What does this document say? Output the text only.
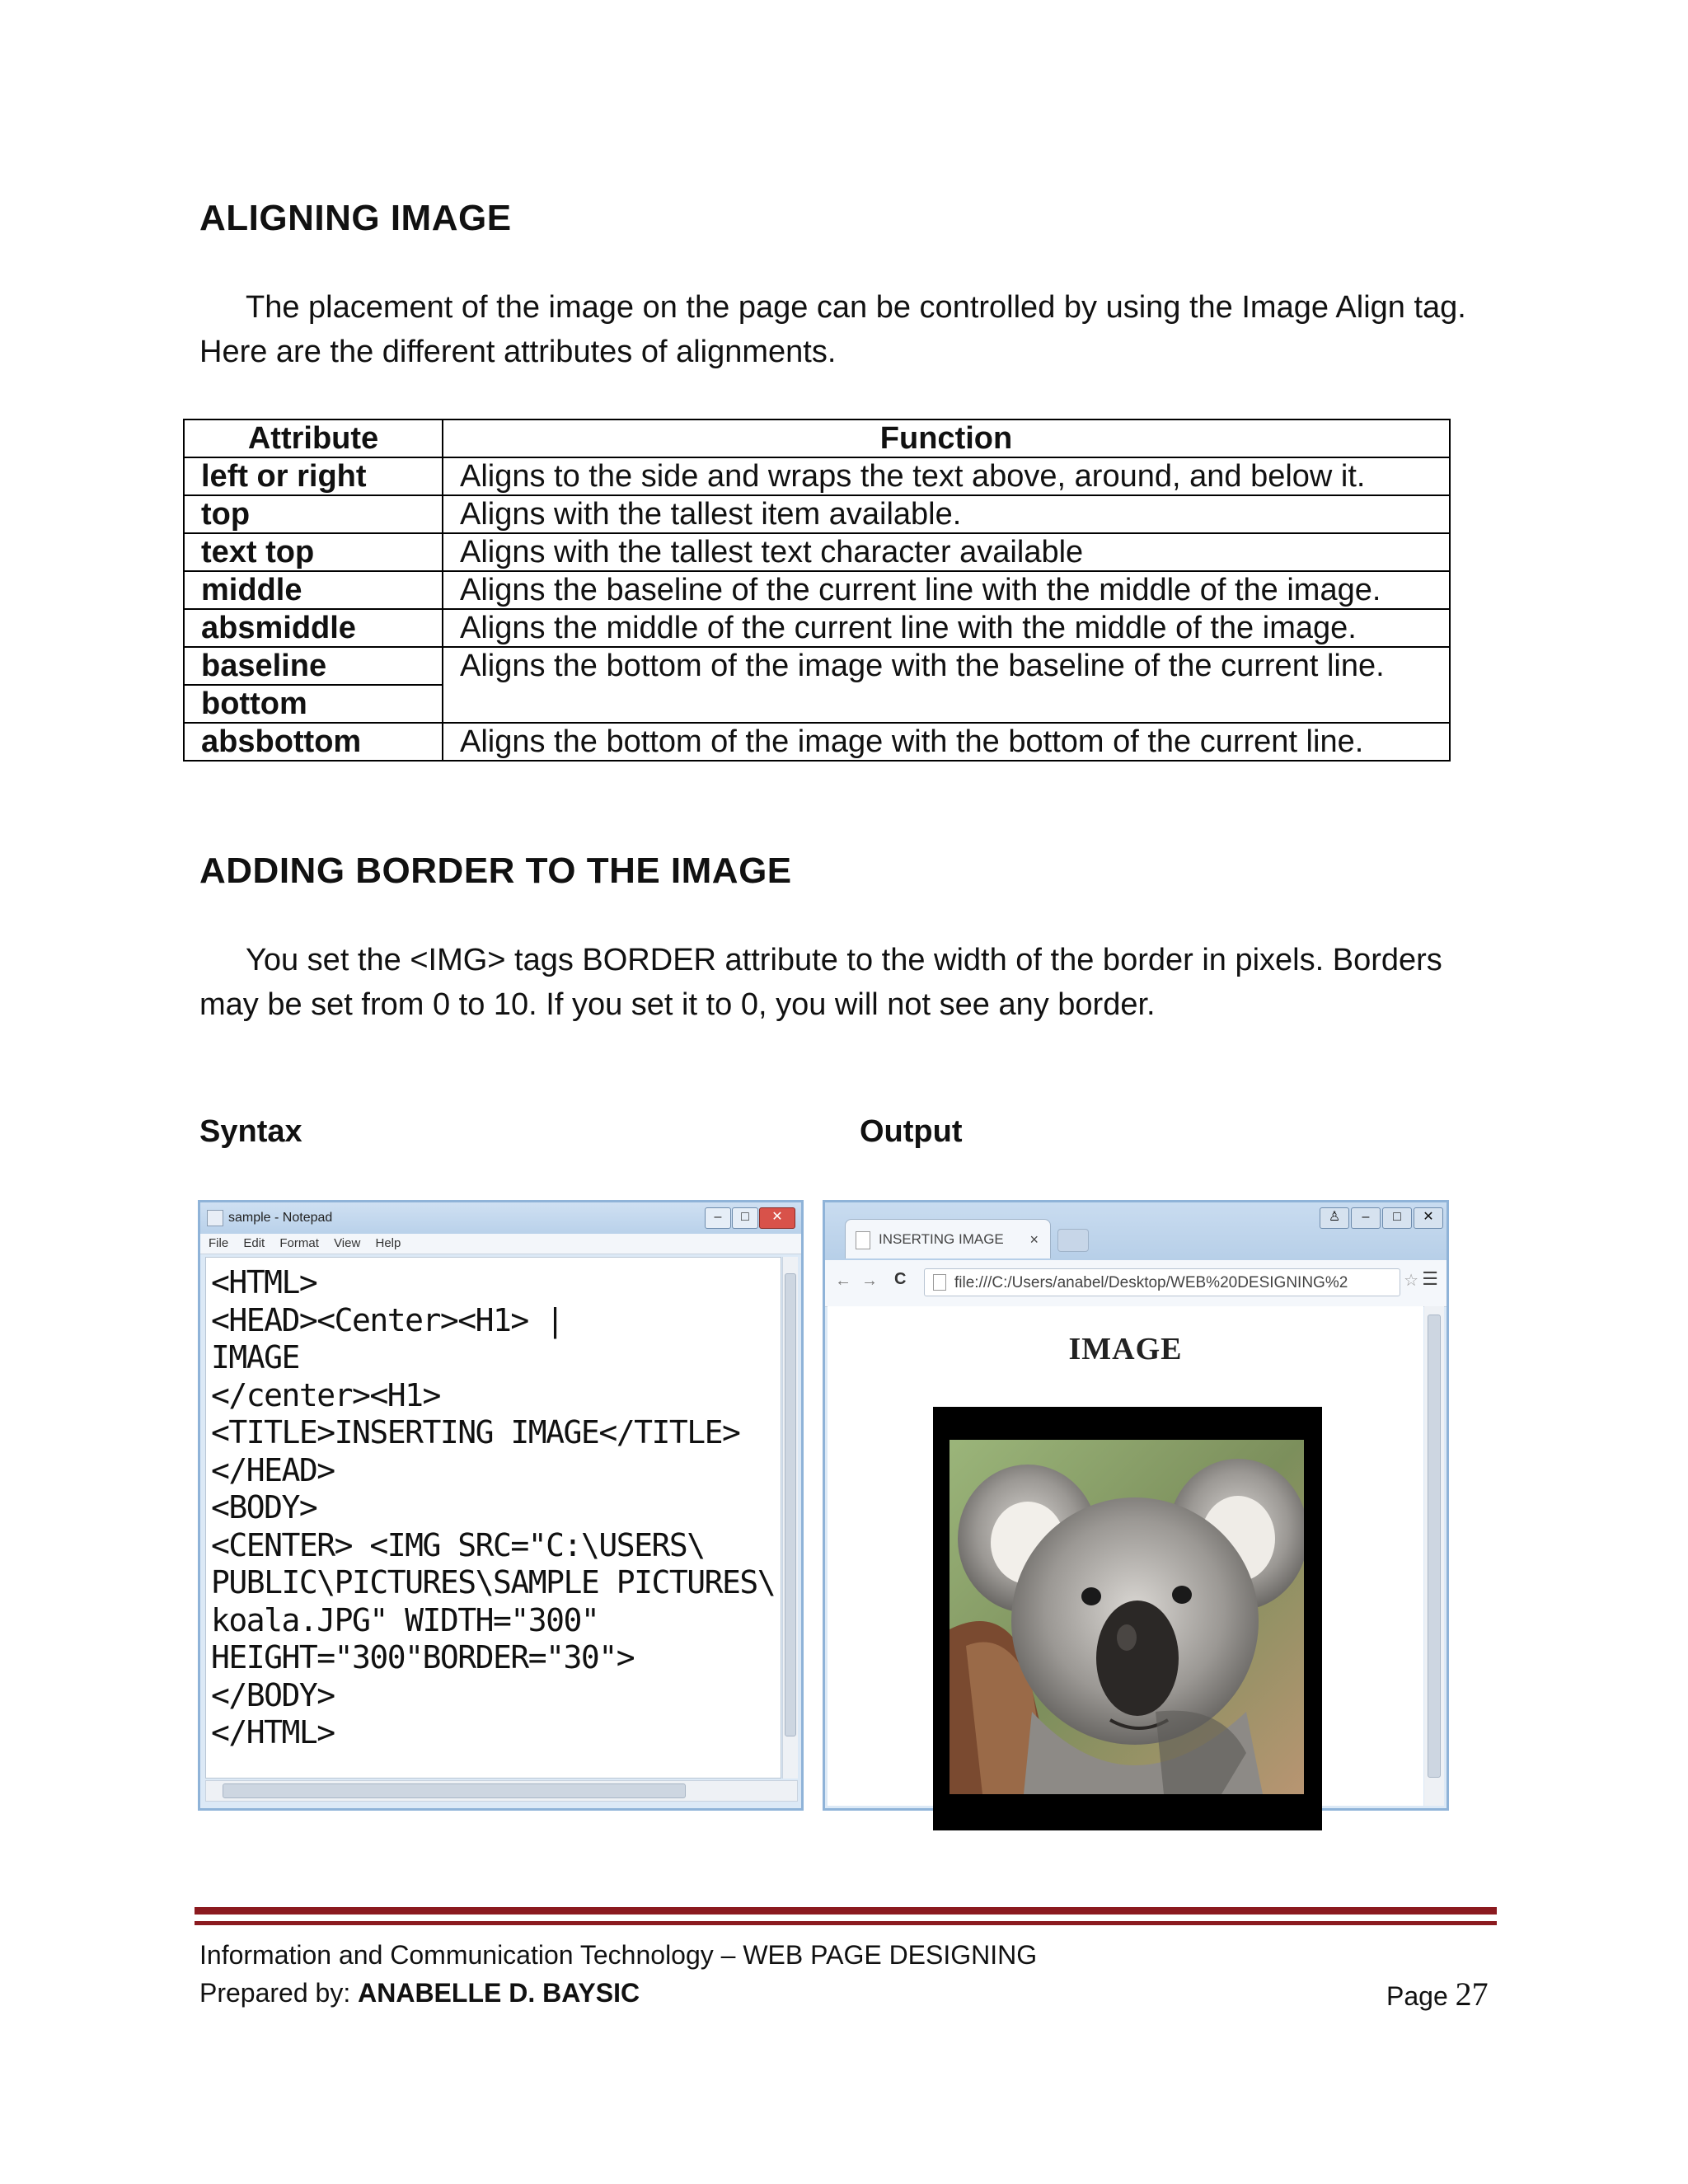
ALIGNING IMAGE
The placement of the image on the page can be controlled by using the Image Align tag. Here are the different attributes of alignments.
Attribute	Function
left or right	Aligns to the side and wraps the text above, around, and below it.
top	Aligns with the tallest item available.
text top	Aligns with the tallest text character available
middle	Aligns the baseline of the current line with the middle of the image.
absmiddle	Aligns the middle of the current line with the middle of the image.
baseline	Aligns the bottom of the image with the baseline of the current line.
bottom	
absbottom	Aligns the bottom of the image with the bottom of the current line.
ADDING BORDER TO THE IMAGE
You set the <IMG> tags BORDER attribute to the width of the border in pixels. Borders may be set from 0 to 10. If you set it to 0, you will not see any border.
Syntax	Output
sample - Notepad	–	□	✕
File Edit Format View Help
<HTML>
<HEAD><Center><H1> |
IMAGE
</center><H1>
<TITLE>INSERTING IMAGE</TITLE>
</HEAD>
<BODY>
<CENTER> <IMG SRC="C:\USERS\
PUBLIC\PICTURES\SAMPLE PICTURES\
koala.JPG" WIDTH="300"
HEIGHT="300"BORDER="30">
</BODY>
</HTML>
INSERTING IMAGE ×
♙	–	□	✕
← → C	file:///C:/Users/anabel/Desktop/WEB%20DESIGNING%2	☆ ☰
IMAGE
Information and Communication Technology – WEB PAGE DESIGNING
Prepared by: ANABELLE D. BAYSIC	Page 27
